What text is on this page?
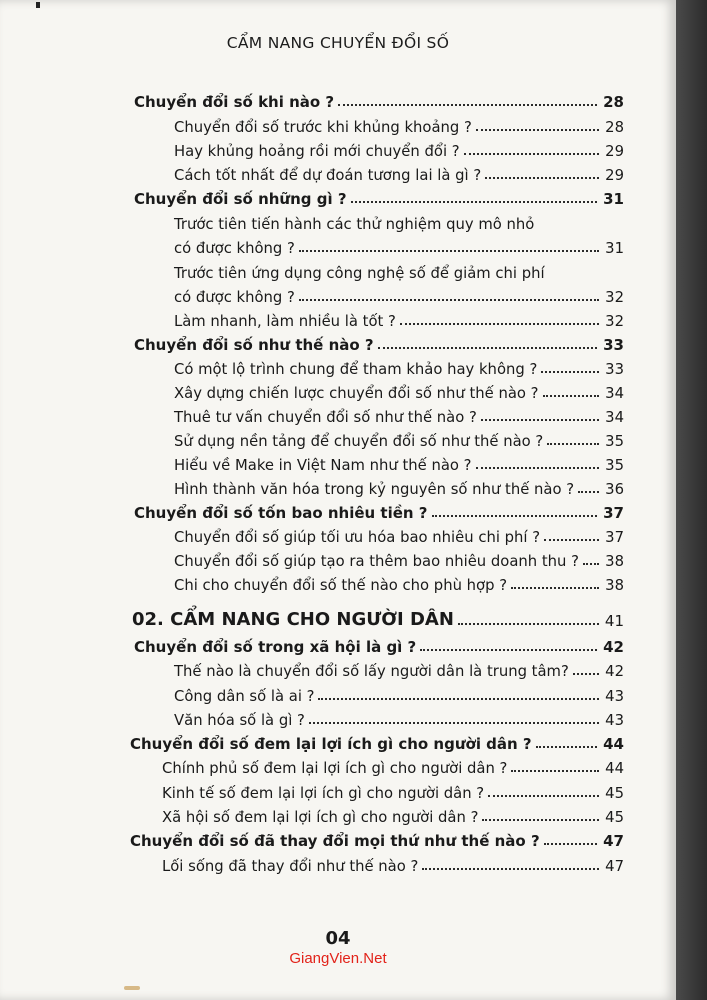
CẨM NANG CHUYỂN ĐỔI SỐ
Chuyển đổi số khi nào ?	28
Chuyển đổi số trước khi khủng khoảng ?	28
Hay khủng hoảng rồi mới chuyển đổi ?	29
Cách tốt nhất để dự đoán tương lai là gì ?	29
Chuyển đổi số những gì ?	31
Trước tiên tiến hành các thử nghiệm quy mô nhỏ
có được không ?	31
Trước tiên ứng dụng công nghệ số để giảm chi phí
có được không ?	32
Làm nhanh, làm nhiều là tốt ?	32
Chuyển đổi số như thế nào ?	33
Có một lộ trình chung để tham khảo hay không ?	33
Xây dựng chiến lược chuyển đổi số như thế nào ?	34
Thuê tư vấn chuyển đổi số như thế nào ?	34
Sử dụng nền tảng để chuyển đổi số như thế nào ?	35
Hiểu về Make in Việt Nam như thế nào ?	35
Hình thành văn hóa trong kỷ nguyên số như thế nào ? 36
Chuyển đổi số tốn bao nhiêu tiền ?	37
Chuyển đổi số giúp tối ưu hóa bao nhiêu chi phí ?	37
Chuyển đổi số giúp tạo ra thêm bao nhiêu doanh thu ? 38
Chi cho chuyển đổi số thế nào cho phù hợp ?	38
02. CẨM NANG CHO NGƯỜI DÂN	41
Chuyển đổi số trong xã hội là gì ?	42
Thế nào là chuyển đổi số lấy người dân là trung tâm? 42
Công dân số là ai ?	43
Văn hóa số là gì ?	43
Chuyển đổi số đem lại lợi ích gì cho người dân ?	44
Chính phủ số đem lại lợi ích gì cho người dân ?	44
Kinh tế số đem lại lợi ích gì cho người dân ?	45
Xã hội số đem lại lợi ích gì cho người dân ?	45
Chuyển đổi số đã thay đổi mọi thứ như thế nào ?	47
Lối sống đã thay đổi như thế nào ?	47
04
GiangVien.Net
